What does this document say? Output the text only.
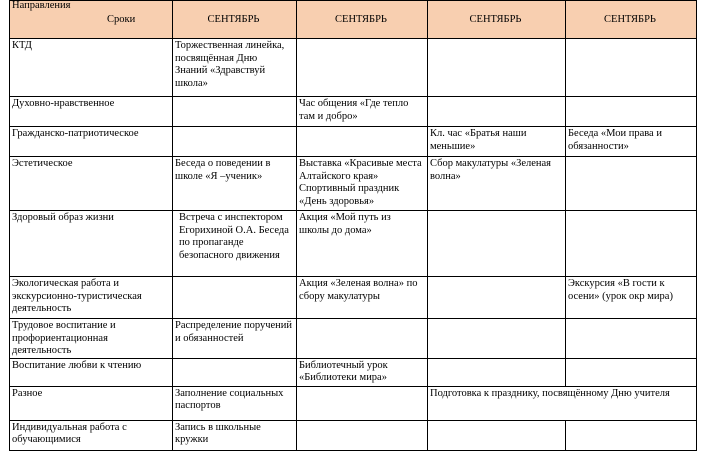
Направления
Сроки	СЕНТЯБРЬ	СЕНТЯБРЬ	СЕНТЯБРЬ	СЕНТЯБРЬ
КТД	Торжественная линейка, посвящённая Дню Знаний «Здравствуй школа»			
Духовно-нравственное		Час общения «Где тепло там и добро»		
Гражданско-патриотическое			Кл. час «Братья наши меньшие»	Беседа «Мои права и обязанности»
Эстетическое	Беседа о поведении в школе «Я –ученик»	Выставка «Красивые места Алтайского края» Спортивный праздник «День здоровья»	Сбор макулатуры «Зеленая волна»	
Здоровый образ жизни	Встреча с инспектором Егорихиной О.А. Беседа по пропаганде безопасного движения	Акция «Мой путь из школы до дома»		
Экологическая работа и экскурсионно-туристическая деятельность		Акция «Зеленая волна» по сбору макулатуры		Экскурсия «В гости к осени» (урок окр мира)
Трудовое воспитание и профориентационная деятельность	Распределение поручений и обязанностей			
Воспитание любви к чтению		Библиотечный урок «Библиотеки мира»		
Разное	Заполнение социальных паспортов		Подготовка к празднику, посвящённому Дню учителя	
Индивидуальная работа с обучающимися	Запись в школьные кружки			
